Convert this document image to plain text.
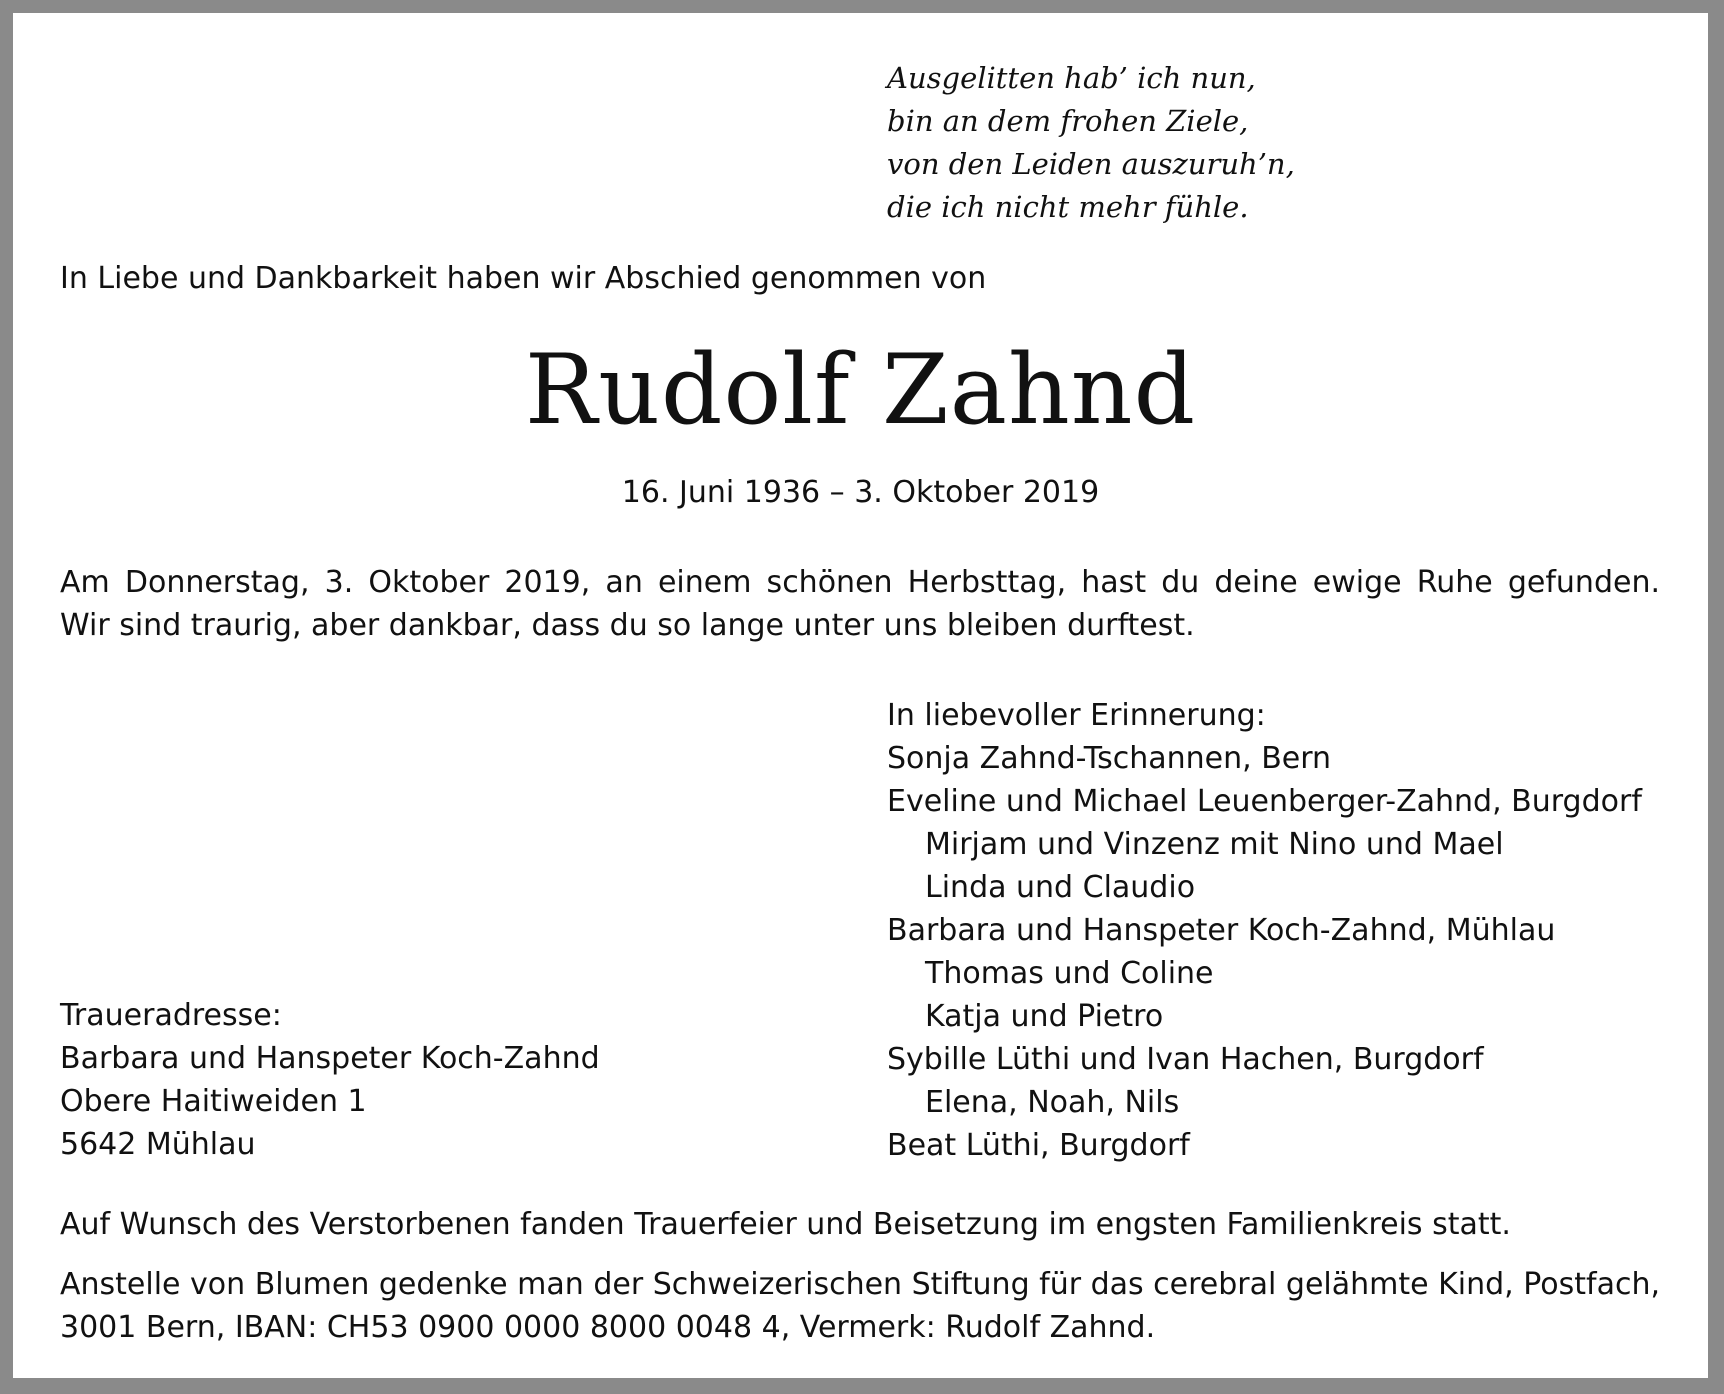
Ausgelitten hab’ ich nun,
bin an dem frohen Ziele,
von den Leiden auszuruh’n,
die ich nicht mehr fühle.
In Liebe und Dankbarkeit haben wir Abschied genommen von
Rudolf Zahnd
16. Juni 1936 – 3. Oktober 2019
Am Donnerstag, 3. Oktober 2019, an einem schönen Herbsttag, hast du deine ewige Ruhe gefunden.
Wir sind traurig, aber dankbar, dass du so lange unter uns bleiben durftest.
In liebevoller Erinnerung:
Sonja Zahnd-Tschannen, Bern
Eveline und Michael Leuenberger-Zahnd, Burgdorf
Mirjam und Vinzenz mit Nino und Mael
Linda und Claudio
Barbara und Hanspeter Koch-Zahnd, Mühlau
Thomas und Coline
Katja und Pietro
Sybille Lüthi und Ivan Hachen, Burgdorf
Elena, Noah, Nils
Beat Lüthi, Burgdorf
Traueradresse:
Barbara und Hanspeter Koch-Zahnd
Obere Haitiweiden 1
5642 Mühlau
Auf Wunsch des Verstorbenen fanden Trauerfeier und Beisetzung im engsten Familienkreis statt.
Anstelle von Blumen gedenke man der Schweizerischen Stiftung für das cerebral gelähmte Kind, Postfach,
3001 Bern, IBAN: CH53 0900 0000 8000 0048 4, Vermerk: Rudolf Zahnd.
